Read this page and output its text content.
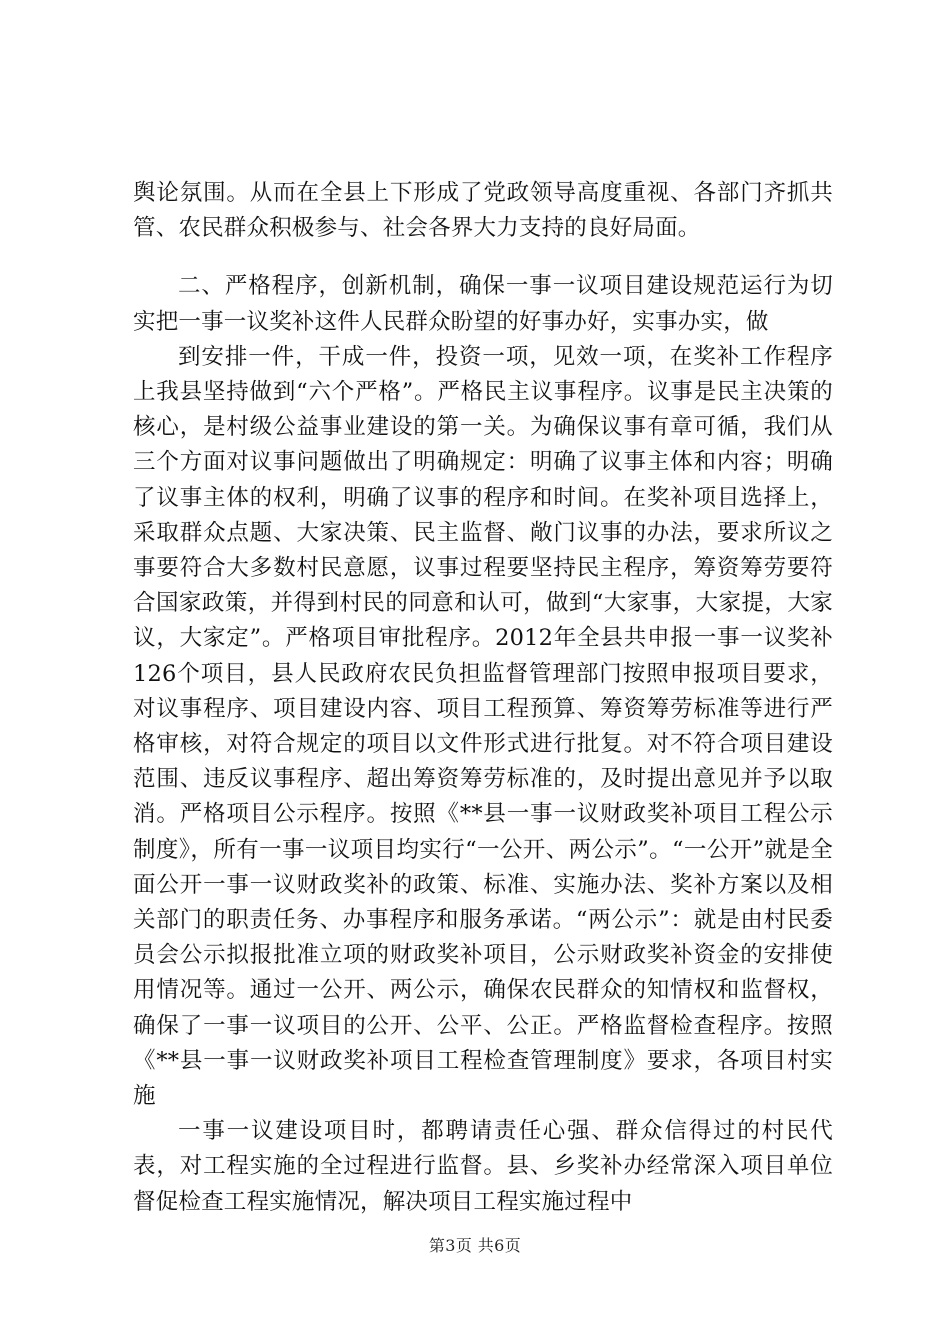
舆论氛围。从而在全县上下形成了党政领导高度重视、各部门齐抓共管、农民群众积极参与、社会各界大力支持的良好局面。

二、严格程序，创新机制，确保一事一议项目建设规范运行为切实把一事一议奖补这件人民群众盼望的好事办好，实事办实，做

到安排一件，干成一件，投资一项，见效一项，在奖补工作程序上我县坚持做到“六个严格”。严格民主议事程序。议事是民主决策的核心，是村级公益事业建设的第一关。为确保议事有章可循，我们从三个方面对议事问题做出了明确规定：明确了议事主体和内容；明确了议事主体的权利，明确了议事的程序和时间。在奖补项目选择上，采取群众点题、大家决策、民主监督、敞门议事的办法，要求所议之事要符合大多数村民意愿，议事过程要坚持民主程序，筹资筹劳要符合国家政策，并得到村民的同意和认可，做到“大家事，大家提，大家议，大家定”。严格项目审批程序。2012年全县共申报一事一议奖补126个项目，县人民政府农民负担监督管理部门按照申报项目要求，对议事程序、项目建设内容、项目工程预算、筹资筹劳标准等进行严格审核，对符合规定的项目以文件形式进行批复。对不符合项目建设范围、违反议事程序、超出筹资筹劳标准的，及时提出意见并予以取消。严格项目公示程序。按照《**县一事一议财政奖补项目工程公示制度》，所有一事一议项目均实行“一公开、两公示”。“一公开”就是全面公开一事一议财政奖补的政策、标准、实施办法、奖补方案以及相关部门的职责任务、办事程序和服务承诺。“两公示”：就是由村民委员会公示拟报批准立项的财政奖补项目，公示财政奖补资金的安排使用情况等。通过一公开、两公示，确保农民群众的知情权和监督权，确保了一事一议项目的公开、公平、公正。严格监督检查程序。按照《**县一事一议财政奖补项目工程检查管理制度》要求，各项目村实施

一事一议建设项目时，都聘请责任心强、群众信得过的村民代表，对工程实施的全过程进行监督。县、乡奖补办经常深入项目单位督促检查工程实施情况，解决项目工程实施过程中

第3页 共6页
